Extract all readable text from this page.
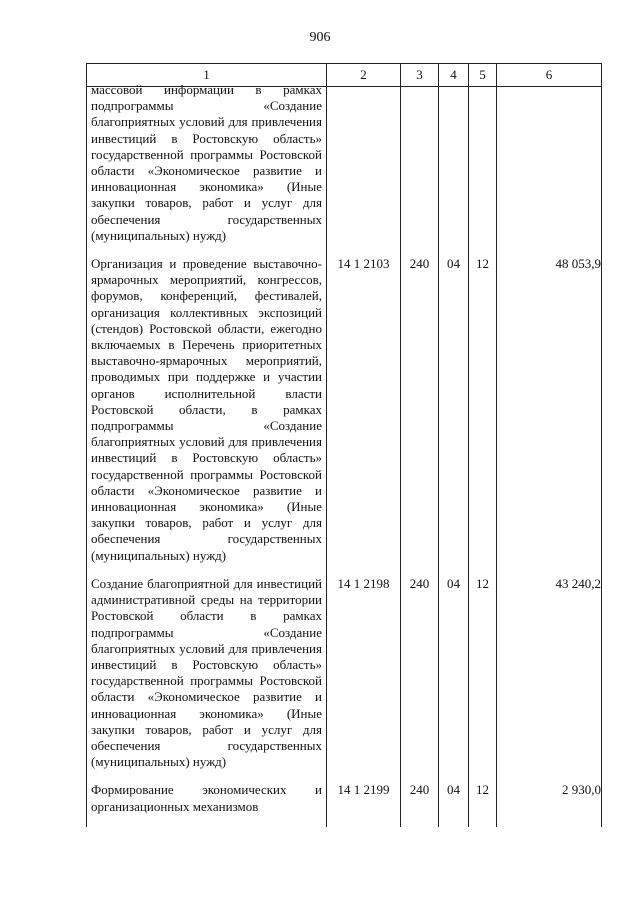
906
1	2	3	4	5	6

массовой информации в рамках подпрограммы «Создание благоприятных условий для привлечения инвестиций в Ростовскую область» государственной программы Ростовской области «Экономическое развитие и инновационная экономика» (Иные закупки товаров, работ и услуг для обеспечения государственных (муниципальных) нужд)					

Организация и проведение выставочно-ярмарочных мероприятий, конгрессов, форумов, конференций, фестивалей, организация коллективных экспозиций (стендов) Ростовской области, ежегодно включаемых в Перечень приоритетных выставочно-ярмарочных мероприятий, проводимых при поддержке и участии органов исполнительной власти Ростовской области, в рамках подпрограммы «Создание благоприятных условий для привлечения инвестиций в Ростовскую область» государственной программы Ростовской области «Экономическое развитие и инновационная экономика» (Иные закупки товаров, работ и услуг для обеспечения государственных (муниципальных) нужд)	14 1 2103	240	04	12	48 053,9

Создание благоприятной для инвестиций административной среды на территории Ростовской области в рамках подпрограммы «Создание благоприятных условий для привлечения инвестиций в Ростовскую область» государственной программы Ростовской области «Экономическое развитие и инновационная экономика» (Иные закупки товаров, работ и услуг для обеспечения государственных (муниципальных) нужд)	14 1 2198	240	04	12	43 240,2

Формирование экономических и организационных механизмов	14 1 2199	240	04	12	2 930,0
